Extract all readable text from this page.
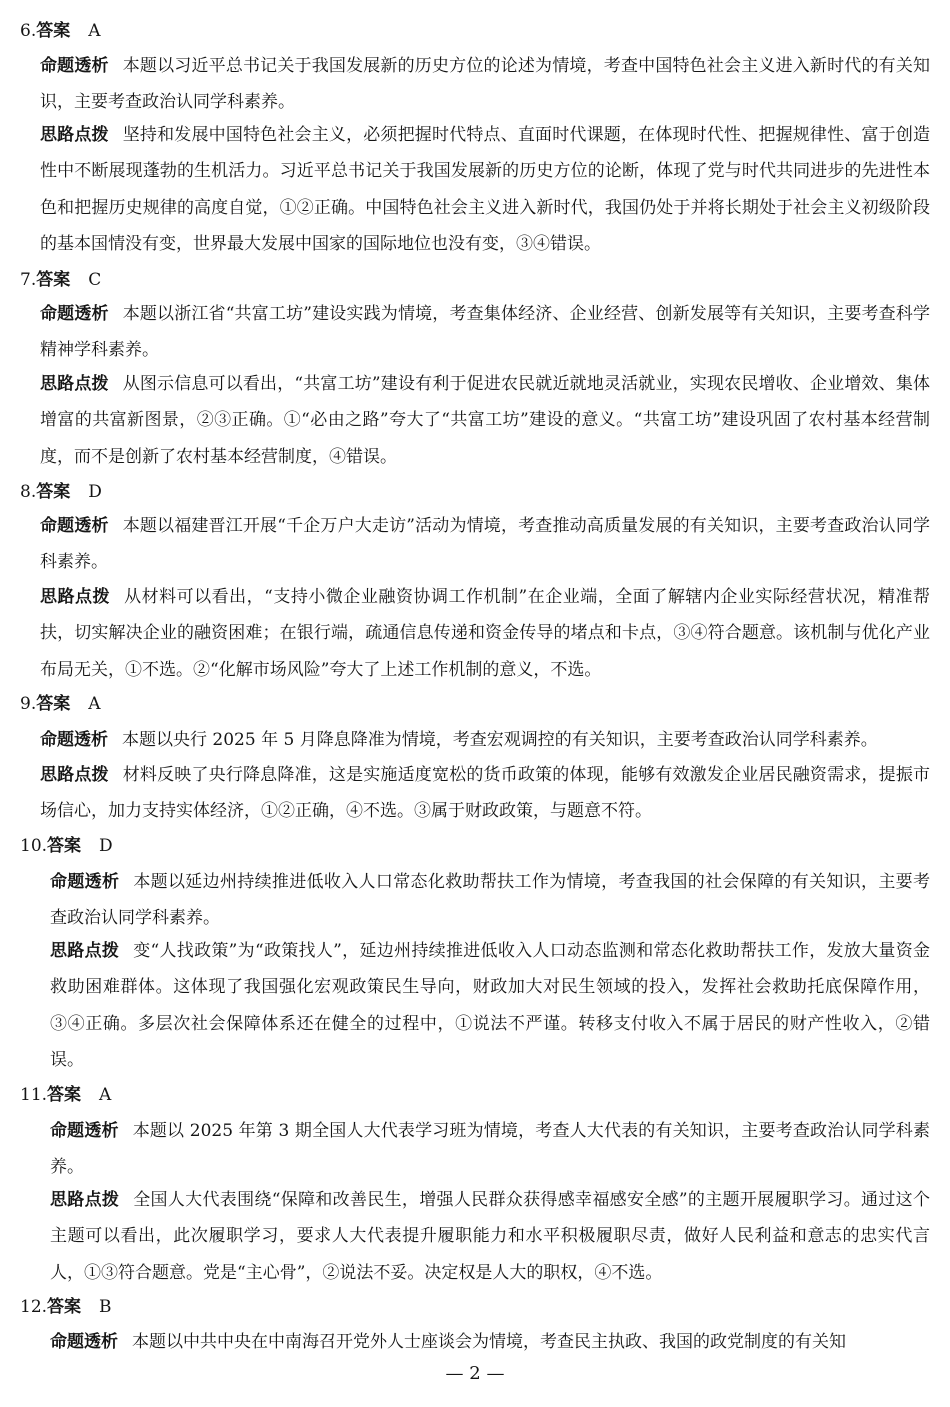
6.答案 A
命题透析 本题以习近平总书记关于我国发展新的历史方位的论述为情境，考查中国特色社会主义进入新时代的有关知识，主要考查政治认同学科素养。
思路点拨 坚持和发展中国特色社会主义，必须把握时代特点、直面时代课题，在体现时代性、把握规律性、富于创造性中不断展现蓬勃的生机活力。习近平总书记关于我国发展新的历史方位的论断，体现了党与时代共同进步的先进性本色和把握历史规律的高度自觉，①②正确。中国特色社会主义进入新时代，我国仍处于并将长期处于社会主义初级阶段的基本国情没有变，世界最大发展中国家的国际地位也没有变，③④错误。
7.答案 C
命题透析 本题以浙江省“共富工坊”建设实践为情境，考查集体经济、企业经营、创新发展等有关知识，主要考查科学精神学科素养。
思路点拨 从图示信息可以看出，“共富工坊”建设有利于促进农民就近就地灵活就业，实现农民增收、企业增效、集体增富的共富新图景，②③正确。①“必由之路”夸大了“共富工坊”建设的意义。“共富工坊”建设巩固了农村基本经营制度，而不是创新了农村基本经营制度，④错误。
8.答案 D
命题透析 本题以福建晋江开展“千企万户大走访”活动为情境，考查推动高质量发展的有关知识，主要考查政治认同学科素养。
思路点拨 从材料可以看出，“支持小微企业融资协调工作机制”在企业端，全面了解辖内企业实际经营状况，精准帮扶，切实解决企业的融资困难；在银行端，疏通信息传递和资金传导的堵点和卡点，③④符合题意。该机制与优化产业布局无关，①不选。②“化解市场风险”夸大了上述工作机制的意义，不选。
9.答案 A
命题透析 本题以央行 2025 年 5 月降息降准为情境，考查宏观调控的有关知识，主要考查政治认同学科素养。
思路点拨 材料反映了央行降息降准，这是实施适度宽松的货币政策的体现，能够有效激发企业居民融资需求，提振市场信心，加力支持实体经济，①②正确，④不选。③属于财政政策，与题意不符。
10.答案 D
命题透析 本题以延边州持续推进低收入人口常态化救助帮扶工作为情境，考查我国的社会保障的有关知识，主要考查政治认同学科素养。
思路点拨 变“人找政策”为“政策找人”，延边州持续推进低收入人口动态监测和常态化救助帮扶工作，发放大量资金救助困难群体。这体现了我国强化宏观政策民生导向，财政加大对民生领域的投入，发挥社会救助托底保障作用，③④正确。多层次社会保障体系还在健全的过程中，①说法不严谨。转移支付收入不属于居民的财产性收入，②错误。
11.答案 A
命题透析 本题以 2025 年第 3 期全国人大代表学习班为情境，考查人大代表的有关知识，主要考查政治认同学科素养。
思路点拨 全国人大代表围绕“保障和改善民生，增强人民群众获得感幸福感安全感”的主题开展履职学习。通过这个主题可以看出，此次履职学习，要求人大代表提升履职能力和水平积极履职尽责，做好人民利益和意志的忠实代言人，①③符合题意。党是“主心骨”，②说法不妥。决定权是人大的职权，④不选。
12.答案 B
命题透析 本题以中共中央在中南海召开党外人士座谈会为情境，考查民主执政、我国的政党制度的有关知
— 2 —
